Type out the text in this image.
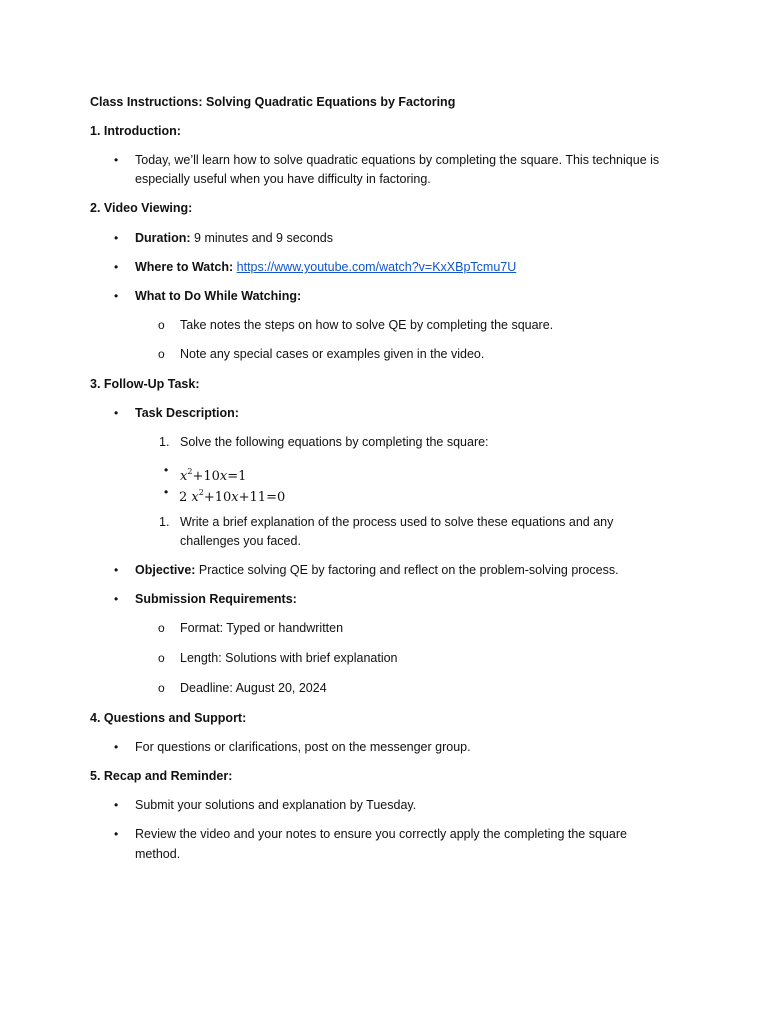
Class Instructions: Solving Quadratic Equations by Factoring
1. Introduction:
• Today, we’ll learn how to solve quadratic equations by completing the square. This technique is
especially useful when you have difficulty in factoring.
2. Video Viewing:
• Duration: 9 minutes and 9 seconds
• Where to Watch: https://www.youtube.com/watch?v=KxXBpTcmu7U
• What to Do While Watching:
o Take notes the steps on how to solve QE by completing the square.
o Note any special cases or examples given in the video.
3. Follow-Up Task:
• Task Description:
1. Solve the following equations by completing the square:
• $x^2+10x=1$
• 2 $x^2+10x+11=0$
1. Write a brief explanation of the process used to solve these equations and any
challenges you faced.
• Objective: Practice solving QE by factoring and reflect on the problem-solving process.
• Submission Requirements:
o Format: Typed or handwritten
o Length: Solutions with brief explanation
o Deadline: August 20, 2024
4. Questions and Support:
• For questions or clarifications, post on the messenger group.
5. Recap and Reminder:
• Submit your solutions and explanation by Tuesday.
• Review the video and your notes to ensure you correctly apply the completing the square
method.
